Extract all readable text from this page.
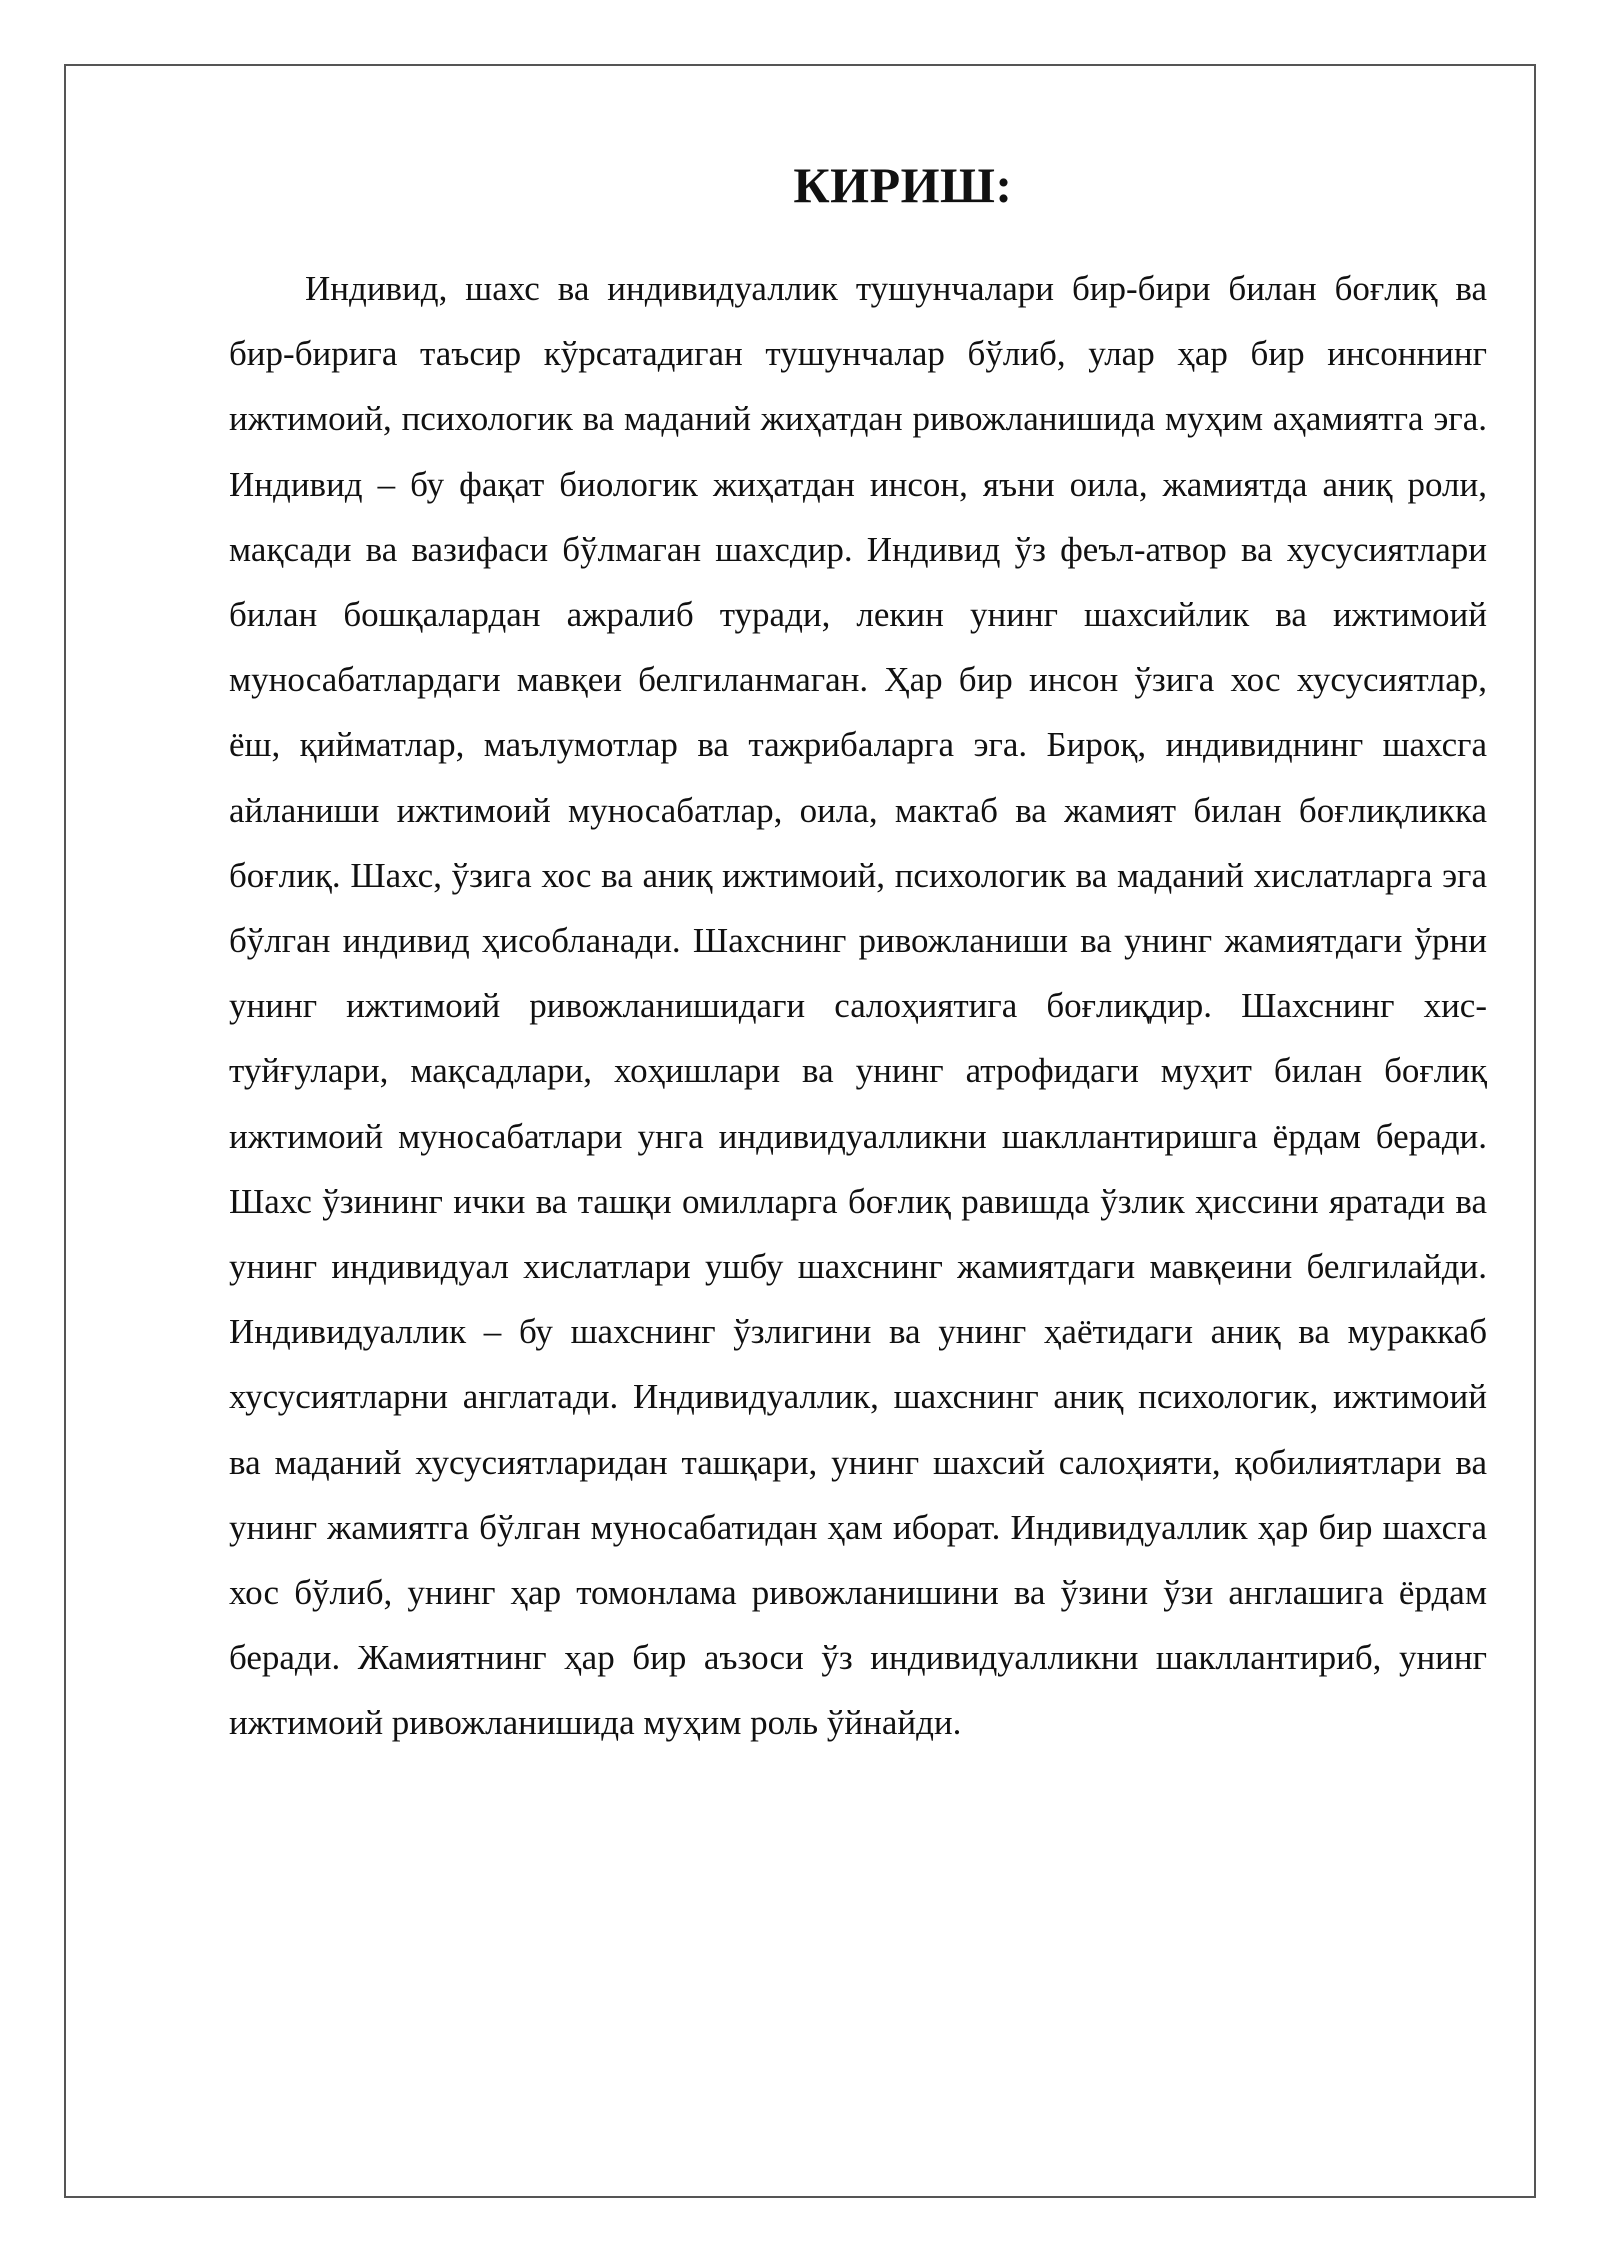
КИРИШ:

Индивид, шахс ва индивидуаллик тушунчалари бир-бири билан боғлиқ ва бир-бирига таъсир кўрсатадиган тушунчалар бўлиб, улар ҳар бир инсоннинг ижтимоий, психологик ва маданий жиҳатдан ривожланишида муҳим аҳамиятга эга. Индивид – бу фақат биологик жиҳатдан инсон, яъни оила, жамиятда аниқ роли, мақсади ва вазифаси бўлмаган шахсдир. Индивид ўз феъл-атвор ва хусусиятлари билан бошқалардан ажралиб туради, лекин унинг шахсийлик ва ижтимоий муносабатлардаги мавқеи белгиланмаган. Ҳар бир инсон ўзига хос хусусиятлар, ёш, қийматлар, маълумотлар ва тажрибаларга эга. Бироқ, индивиднинг шахсга айланиши ижтимоий муносабатлар, оила, мактаб ва жамият билан боғлиқликка боғлиқ. Шахс, ўзига хос ва аниқ ижтимоий, психологик ва маданий хислатларга эга бўлган индивид ҳисобланади. Шахснинг ривожланиши ва унинг жамиятдаги ўрни унинг ижтимоий ривожланишидаги салоҳиятига боғлиқдир. Шахснинг хис-туйғулари, мақсадлари, хоҳишлари ва унинг атрофидаги муҳит билан боғлиқ ижтимоий муносабатлари унга индивидуалликни шакллантиришга ёрдам беради. Шахс ўзининг ички ва ташқи омилларга боғлиқ равишда ўзлик ҳиссини яратади ва унинг индивидуал хислатлари ушбу шахснинг жамиятдаги мавқеини белгилайди. Индивидуаллик – бу шахснинг ўзлигини ва унинг ҳаётидаги аниқ ва мураккаб хусусиятларни англатади. Индивидуаллик, шахснинг аниқ психологик, ижтимоий ва маданий хусусиятларидан ташқари, унинг шахсий салоҳияти, қобилиятлари ва унинг жамиятга бўлган муносабатидан ҳам иборат. Индивидуаллик ҳар бир шахсга хос бўлиб, унинг ҳар томонлама ривожланишини ва ўзини ўзи англашига ёрдам беради. Жамиятнинг ҳар бир аъзоси ўз индивидуалликни шакллантириб, унинг ижтимоий ривожланишида муҳим роль ўйнайди.
